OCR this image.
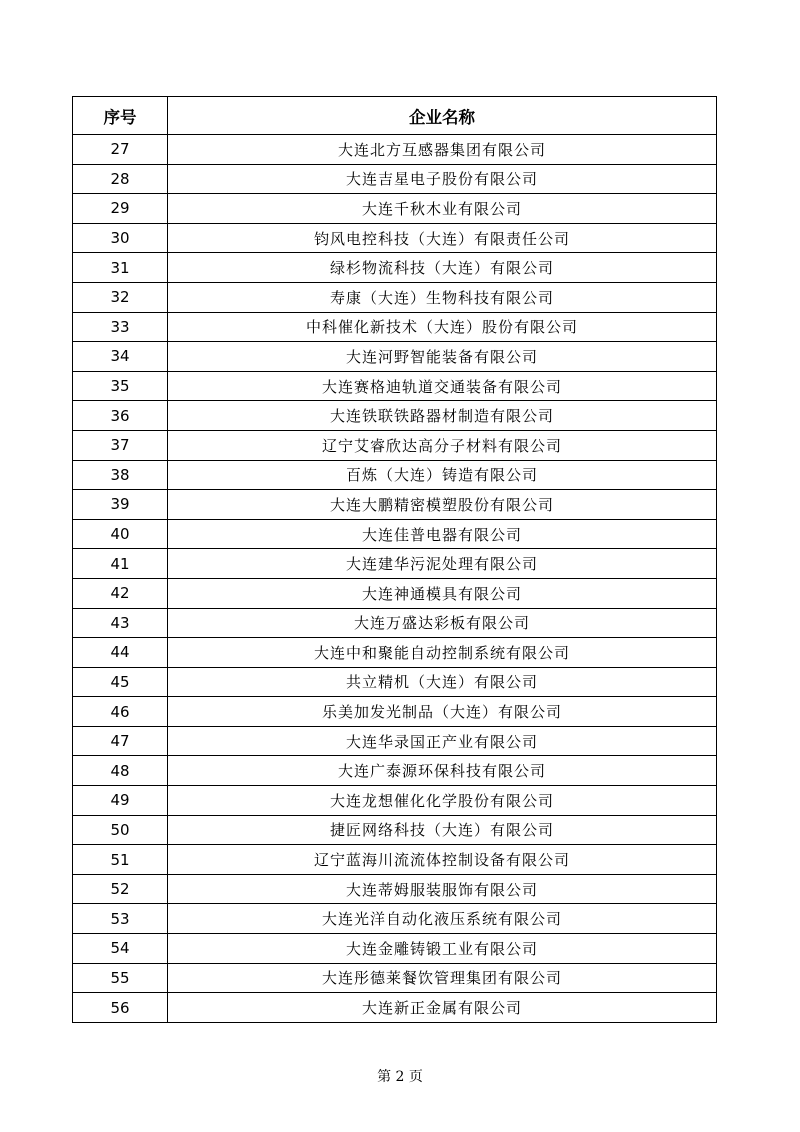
序号	企业名称
27	大连北方互感器集团有限公司
28	大连吉星电子股份有限公司
29	大连千秋木业有限公司
30	钧风电控科技（大连）有限责任公司
31	绿杉物流科技（大连）有限公司
32	寿康（大连）生物科技有限公司
33	中科催化新技术（大连）股份有限公司
34	大连河野智能装备有限公司
35	大连赛格迪轨道交通装备有限公司
36	大连铁联铁路器材制造有限公司
37	辽宁艾睿欣达高分子材料有限公司
38	百炼（大连）铸造有限公司
39	大连大鹏精密模塑股份有限公司
40	大连佳普电器有限公司
41	大连建华污泥处理有限公司
42	大连神通模具有限公司
43	大连万盛达彩板有限公司
44	大连中和聚能自动控制系统有限公司
45	共立精机（大连）有限公司
46	乐美加发光制品（大连）有限公司
47	大连华录国正产业有限公司
48	大连广泰源环保科技有限公司
49	大连龙想催化化学股份有限公司
50	捷匠网络科技（大连）有限公司
51	辽宁蓝海川流流体控制设备有限公司
52	大连蒂姆服装服饰有限公司
53	大连光洋自动化液压系统有限公司
54	大连金雕铸锻工业有限公司
55	大连彤德莱餐饮管理集团有限公司
56	大连新正金属有限公司
第 2 页
